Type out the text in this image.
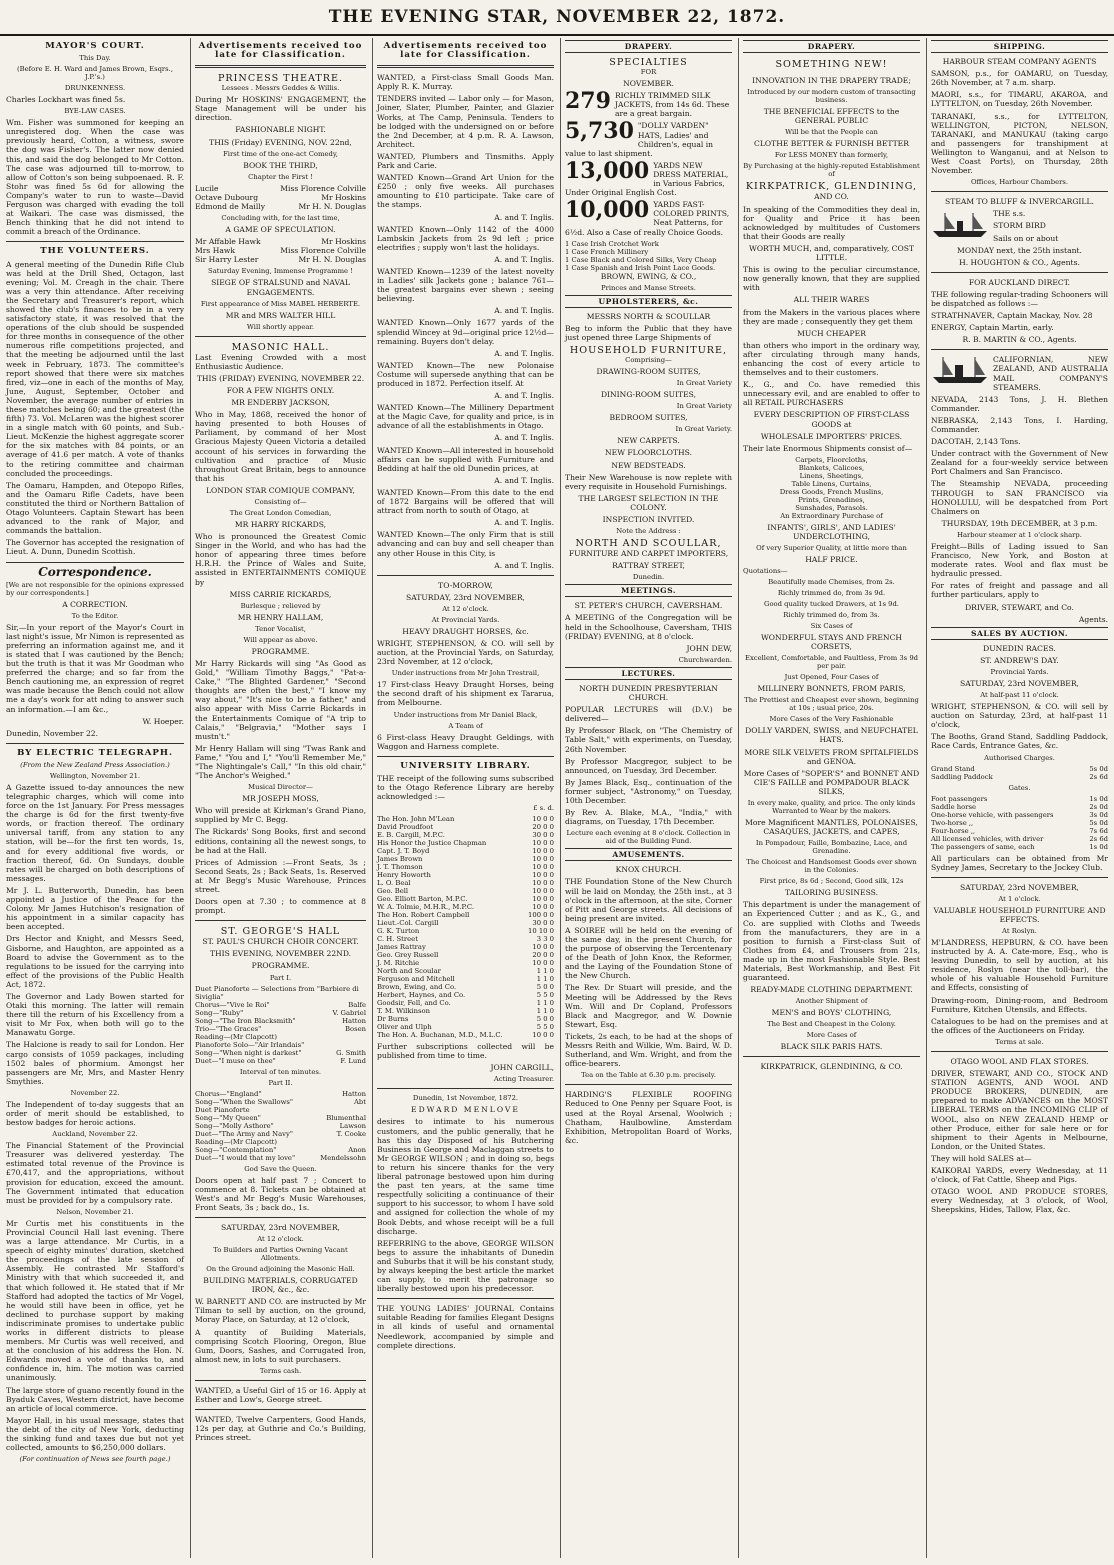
THE EVENING STAR, NOVEMBER 22, 1872.
MAYOR'S COURT.

This Day.

(Before E. H. Ward and James Brown, Esqrs., J.P.'s.)

DRUNKENNESS.

Charles Lockhart was fined 5s.

BYE-LAW CASES.

Wm. Fisher was summoned for keeping an unregistered dog. When the case was previously heard, Cotton, a witness, swore the dog was Fisher's. The latter now denied this, and said the dog belonged to Mr Cotton. The case was adjourned till to-morrow, to allow of Cotton's son being subpoenaed. R. F. Stohr was fined 5s 6d for allowing the Company's water to run to waste—David Ferguson was charged with evading the toll at Waikari. The case was dismissed, the Bench thinking that he did not intend to commit a breach of the Ordinance.

THE VOLUNTEERS.

A general meeting of the Dunedin Rifle Club was held at the Drill Shed, Octagon, last evening; Vol. M. Creagh in the chair. There was a very thin attendance. After receiving the Secretary and Treasurer's report, which showed the club's finances to be in a very satisfactory state, it was resolved that the operations of the club should be suspended for three months in consequence of the other numerous rifle competitions projected, and that the meeting be adjourned until the last week in February, 1873. The committee's report showed that there were six matches fired, viz—one in each of the months of May, June, August, September, October and November, the average number of entries in these matches being 60; and the greatest (the fifth) 73. Vol. McLaren was the highest scorer in a single match with 60 points, and Sub.-Lieut. McKenzie the highest aggregate scorer for the six matches with 84 points, or an average of 41.6 per match. A vote of thanks to the retiring committee and chairman concluded the proceedings.

The Oamaru, Hampden, and Otepopo Rifles, and the Oamaru Rifle Cadets, have been constituted the third or Northern Battalion of Otago Volunteers. Captain Stewart has been advanced to the rank of Major, and commands the battalion.

The Governor has accepted the resignation of Lieut. A. Dunn, Dunedin Scottish.

Correspondence.

[We are not responsible for the opinions expressed by our correspondents.]

A CORRECTION.

To the Editor.

Sir,—In your report of the Mayor's Court in last night's issue, Mr Nimon is represented as preferring an information against me, and it is stated that I was cautioned by the Bench; but the truth is that it was Mr Goodman who preferred the charge; and so far from the Bench cautioning me, an expression of regret was made because the Bench could not allow me a day's work for att nding to answer such an information.—I am &c.,

W. Hoeper.

Dunedin, November 22.

BY ELECTRIC TELEGRAPH.

(From the New Zealand Press Association.)

Wellington, November 21.

A Gazette issued to-day announces the new telegraphic charges, which will come into force on the 1st January. For Press messages the charge is 6d for the first twenty-five words, or fraction thereof. The ordinary universal tariff, from any station to any station, will be—for the first ten words, 1s, and for every additional five words, or fraction thereof, 6d. On Sundays, double rates will be charged on both descriptions of messages.

Mr J. L. Butterworth, Dunedin, has been appointed a Justice of the Peace for the Colony. Mr James Hutchison's resignation of his appointment in a similar capacity has been accepted.

Drs Hector and Knight, and Messrs Seed, Gisborne, and Haughton, are appointed as a Board to advise the Government as to the regulations to be issued for the carrying into effect of the provisions of the Public Health Act, 1872.

The Governor and Lady Bowen started for Otaki this morning. The latter will remain there till the return of his Excellency from a visit to Mr Fox, when both will go to the Manawatu Gorge.

The Halcione is ready to sail for London. Her cargo consists of 1059 packages, including 1502 bales of phormium. Amongst her passengers are Mr, Mrs, and Master Henry Smythies.

November 22.

The Independent of to-day suggests that an order of merit should be established, to bestow badges for heroic actions.

Auckland, November 22.

The Financial Statement of the Provincial Treasurer was delivered yesterday. The estimated total revenue of the Province is £70,417, and the appropriations, without provision for education, exceed the amount. The Government intimated that education must be provided for by a compulsory rate.

Nelson, November 21.

Mr Curtis met his constituents in the Provincial Council Hall last evening. There was a large attendance. Mr Curtis, in a speech of eighty minutes' duration, sketched the proceedings of the late session of Assembly. He contrasted Mr Stafford's Ministry with that which succeeded it, and that which followed it. He stated that if Mr Stafford had adopted the tactics of Mr Vogel, he would still have been in office, yet he declined to purchase support by making indiscriminate promises to undertake public works in different districts to please members. Mr Curtis was well received, and at the conclusion of his address the Hon. N. Edwards moved a vote of thanks to, and confidence in, him. The motion was carried unanimously.

The large store of guano recently found in the Byaduk Caves, Western district, have become an article of local commerce.

Mayor Hall, in his usual message, states that the debt of the city of New York, deducting the sinking fund and taxes due but not yet collected, amounts to $6,250,000 dollars.

(For continuation of News see fourth page.)

Advertisements received too late for Classification.
PRINCESS THEATRE.

Lessees . Messrs Geddes & Willis.

During Mr HOSKINS' ENGAGEMENT, the Stage Management will be under his direction.

FASHIONABLE NIGHT.

THIS (Friday) EVENING, NOV. 22nd,

First time of the one-act Comedy,

BOOK THE THIRD,

Chapter the First !

Lucile	Miss Florence Colville
Octave Dubourg	Mr Hoskins
Edmond de Mailly	Mr H. N. Douglas

Concluding with, for the last time,

A GAME OF SPECULATION.

Mr Affable Hawk	Mr Hoskins
Mrs Hawk	Miss Florence Colville
Sir Harry Lester	Mr H. N. Douglas

Saturday Evening, Immense Programme !

SIEGE OF STRALSUND and NAVAL ENGAGEMENTS.

First appearance of Miss MABEL HERBERTE.

MR and MRS WALTER HILL

Will shortly appear.

MASONIC HALL.

Last Evening Crowded with a most Enthusiastic Audience.

THIS (FRIDAY) EVENING, NOVEMBER 22.

FOR A FEW NIGHTS ONLY.

MR ENDERBY JACKSON,

Who in May, 1868, received the honor of having presented to both Houses of Parliament, by command of her Most Gracious Majesty Queen Victoria a detailed account of his services in forwarding the cultivation and practice of Music throughout Great Britain, begs to announce that his

LONDON STAR COMIQUE COMPANY,

Consisting of—

The Great London Comedian,

MR HARRY RICKARDS,

Who is pronounced the Greatest Comic Singer in the World, and who has had the honor of appearing three times before H.R.H. the Prince of Wales and Suite, assisted in ENTERTAINMENTS COMIQUE by

MISS CARRIE RICKARDS,

Burlesque ; relieved by

MR HENRY HALLAM,

Tenor Vocalist,

Will appear as above.

PROGRAMME.

Mr Harry Rickards will sing "As Good as Gold," "William Timothy Baggs," "Pat-a-Cake," "The Blighted Gardener," "Second thoughts are often the best," "I know my way about," "It's nice to be a father," and also appear with Miss Carrie Rickards in the Entertainments Comique of "A trip to Calais," "Belgravia," "Mother says I mustn't."

Mr Henry Hallam will sing "Twas Rank and Fame," "You and I," "You'll Remember Me," "The Nightingale's Call," "In this old chair," "The Anchor's Weighed."

Musical Director—

MR JOSEPH MOSS,

Who will preside at Kirkman's Grand Piano, supplied by Mr C. Begg.

The Rickards' Song Books, first and second editions, containing all the newest songs, to be had at the Hall.

Prices of Admission :—Front Seats, 3s ; Second Seats, 2s ; Back Seats, 1s. Reserved at Mr Begg's Music Warehouse, Princes street.

Doors open at 7.30 ; to commence at 8 prompt.

ST. GEORGE'S HALL

ST. PAUL'S CHURCH CHOIR CONCERT.

THIS EVENING, NOVEMBER 22ND.

PROGRAMME.

Part I.

Duet Pianoforte — Selections from "Barbiere di Siviglia"
Chorus—"Vive le Roi"	Balfe
Song—"Ruby"	V. Gabriel
Song—"The Iron Blacksmith"	Hatton
Trio—"The Graces"	Bosen
Reading—(Mr Clapcott)
Pianoforte Solo—"Air Irlandais"
Song—"When night is darkest"	G. Smith
Duet—"I muse on thee"	F. Lund

Interval of ten minutes.

Part II.

Chorus—"England"	Hatton
Song—"When the Swallows"	Abt
Duet Pianoforte
Song—"My Queen"	Blumenthal
Song—"Molly Asthore"	Lawson
Duet—"The Army and Navy"	T. Cooke
Reading—(Mr Clapcott)
Song—"Contemplation"	Anon
Duet—"I would that my love"	Mendelssohn

God Save the Queen.

Doors open at half past 7 ; Concert to commence at 8. Tickets can be obtained at West's and Mr Begg's Music Warehouses, Front Seats, 3s ; back do., 1s.

SATURDAY, 23rd NOVEMBER,

At 12 o'clock.

To Builders and Parties Owning Vacant Allotments.

On the Ground adjoining the Masonic Hall.

BUILDING MATERIALS, CORRUGATED IRON, &c., &c.

W. BARNETT AND CO. are instructed by Mr Tilman to sell by auction, on the ground, Moray Place, on Saturday, at 12 o'clock,

A quantity of Building Materials, comprising Scotch Flooring, Oregon, Blue Gum, Doors, Sashes, and Corrugated Iron, almost new, in lots to suit purchasers.

Terms cash.

WANTED, a Useful Girl of 15 or 16. Apply at Esther and Low's, George street.

WANTED, Twelve Carpenters, Good Hands, 12s per day, at Guthrie and Co.'s Building, Princes street.

Advertisements received too late for Classification.

WANTED, a First-class Small Goods Man. Apply R. K. Murray.

TENDERS invited — Labor only — for Mason, Joiner, Slater, Plumber, Painter, and Glazier Works, at The Camp, Peninsula. Tenders to be lodged with the undersigned on or before the 2nd December, at 4 p.m. R. A. Lawson, Architect.

WANTED, Plumbers and Tinsmiths. Apply Park and Carie.

WANTED Known—Grand Art Union for the £250 ; only five weeks. All purchases amounting to £10 participate. Take care of the stamps.

A. and T. Inglis.

WANTED Known—Only 1142 of the 4000 Lambskin Jackets from 2s 9d left ; price electrifies ; supply won't last the holidays.

A. and T. Inglis.

WANTED Known—1239 of the latest novelty in Ladies' silk Jackets gone ; balance 761—the greatest bargains ever shewn ; seeing believing.

A. and T. Inglis.

WANTED Known—Only 1677 yards of the splendid Wincey at 9d—original price 12½d—remaining. Buyers don't delay.

A. and T. Inglis.

WANTED Known—The new Polonaise Costume will supersede anything that can be produced in 1872. Perfection itself. At

A. and T. Inglis.

WANTED Known—The Millinery Department at the Magic Cave, for quality and price, is in advance of all the establishments in Otago.

A. and T. Inglis.

WANTED Known—All interested in household affairs can be supplied with Furniture and Bedding at half the old Dunedin prices, at

A. and T. Inglis.

WANTED Known—From this date to the end of 1872 Bargains will be offered that will attract from north to south of Otago, at

A. and T. Inglis.

WANTED Known—The only Firm that is still advancing and can buy and sell cheaper than any other House in this City, is

A. and T. Inglis.

TO-MORROW,

SATURDAY, 23rd NOVEMBER,

At 12 o'clock.

At Provincial Yards.

HEAVY DRAUGHT HORSES, &c.

WRIGHT, STEPHENSON, & CO. will sell by auction, at the Provincial Yards, on Saturday, 23rd November, at 12 o'clock,

Under instructions from Mr John Trestrail,

17 First-class Heavy Draught Horses, being the second draft of his shipment ex Tararua, from Melbourne.

Under instructions from Mr Daniel Black,

A Team of

6 First-class Heavy Draught Geldings, with Waggon and Harness complete.

UNIVERSITY LIBRARY.

THE receipt of the following sums subscribed to the Otago Reference Library are hereby acknowledged :—

£ s. d.

The Hon. John M'Lean	10 0 0
David Proudfoot	20 0 0
E. B. Cargill, M.P.C.	30 0 0
His Honor the Justice Chapman	10 0 0
Capt. J. T. Boyd	10 0 0
James Brown	10 0 0
J. T. Thomson	10 0 0
Henry Howorth	10 0 0
L. O. Beal	10 0 0
Geo. Bell	10 0 0
Geo. Elliott Barton, M.P.C.	10 0 0
W. A. Tolmie, M.H.R., M.P.C.	10 0 0
The Hon. Robert Campbell	100 0 0
Lieut.-Col. Cargill	30 0 0
G. K. Turton	10 10 0
C. H. Street	3 3 0
James Rattray	10 0 0
Geo. Grey Russell	20 0 0
J. M. Ritchie	10 0 0
North and Scoular	1 1 0
Ferguson and Mitchell	1 1 0
Brown, Ewing, and Co.	5 0 0
Herbert, Haynes, and Co.	5 5 0
Goodsir, Fell, and Co.	1 1 0
T. M. Wilkinson	1 1 0
Dr Burns	5 0 0
Oliver and Ulph	5 5 0
The Hon. A. Buchanan, M.D., M.L.C.	10 0 0

Further subscriptions collected will be published from time to time.

JOHN CARGILL,

Acting Treasurer.

Dunedin, 1st November, 1872.

EDWARD MENLOVE

desires to intimate to his numerous customers, and the public generally, that he has this day Disposed of his Butchering Business in George and Maclaggan streets to Mr GEORGE WILSON ; and in doing so, begs to return his sincere thanks for the very liberal patronage bestowed upon him during the past ten years, at the same time respectfully soliciting a continuance of their support to his successor, to whom I have sold and assigned for collection the whole of my Book Debts, and whose receipt will be a full discharge.

REFERRING to the above, GEORGE WILSON begs to assure the inhabitants of Dunedin and Suburbs that it will be his constant study, by always keeping the best article the market can supply, to merit the patronage so liberally bestowed upon his predecessor.

THE YOUNG LADIES' JOURNAL Contains suitable Reading for families Elegant Designs in all kinds of useful and ornamental Needlework, accompanied by simple and complete directions.

DRAPERY.
SPECIALTIES

FOR

NOVEMBER.

279 RICHLY TRIMMED SILK JACKETS, from 14s 6d. These are a great bargain.
5,730 "DOLLY VARDEN" HATS, Ladies' and Children's, equal in value to last shipment.
13,000 YARDS NEW DRESS MATERIAL, in Various Fabrics, Under Original English Cost.
10,000 YARDS FAST-COLORED PRINTS, Neat Patterns, for 6½d. Also a Case of really Choice Goods.
1 Case Irish Crotchet Work
1 Case French Millinery
1 Case Black and Colored Silks, Very Cheap
1 Case Spanish and Irish Point Lace Goods.

BROWN, EWING, & CO.,

Princes and Manse Streets.

UPHOLSTERERS, &c.

MESSRS NORTH & SCOULLAR

Beg to inform the Public that they have just opened three Large Shipments of

HOUSEHOLD FURNITURE,

Comprising—

DRAWING-ROOM SUITES,

In Great Variety

DINING-ROOM SUITES,

In Great Variety

BEDROOM SUITES,

In Great Variety.

NEW CARPETS.

NEW FLOORCLOTHS.

NEW BEDSTEADS.

Their New Warehouse is now replete with every requisite in Household Furnishings.

THE LARGEST SELECTION IN THE COLONY.

INSPECTION INVITED.

Note the Address :

NORTH AND SCOULLAR,

FURNITURE AND CARPET IMPORTERS,

RATTRAY STREET,

Dunedin.

MEETINGS.

ST. PETER'S CHURCH, CAVERSHAM.

A MEETING of the Congregation will be held in the Schoolhouse, Caversham, THIS (FRIDAY) EVENING, at 8 o'clock.

JOHN DEW,

Churchwarden.

LECTURES.

NORTH DUNEDIN PRESBYTERIAN CHURCH.

POPULAR LECTURES will (D.V.) be delivered—

By Professor Black, on "The Chemistry of Table Salt," with experiments, on Tuesday, 26th November.

By Professor Macgregor, subject to be announced, on Tuesday, 3rd December.

By James Black, Esq., continuation of the former subject, "Astronomy," on Tuesday, 10th December.

By Rev. A. Blake, M.A., "India," with diagrams, on Tuesday, 17th December.

Lecture each evening at 8 o'clock. Collection in aid of the Building Fund.

AMUSEMENTS.

KNOX CHURCH.

THE Foundation Stone of the New Church will be laid on Monday, the 25th inst., at 3 o'clock in the afternoon, at the site, Corner of Pitt and George streets. All decisions of being present are invited.

A SOIREE will be held on the evening of the same day, in the present Church, for the purpose of observing the Tercentenary of the Death of John Knox, the Reformer, and the Laying of the Foundation Stone of the New Church.

The Rev. Dr Stuart will preside, and the Meeting will be Addressed by the Revs Wm. Will and Dr Copland, Professors Black and Macgregor, and W. Downie Stewart, Esq.

Tickets, 2s each, to be had at the shops of Messrs Reith and Wilkie, Wm. Baird, W. D. Sutherland, and Wm. Wright, and from the office-bearers.

Tea on the Table at 6.30 p.m. precisely.

HARDING'S FLEXIBLE ROOFING Reduced to One Penny per Square Foot, is used at the Royal Arsenal, Woolwich ; Chatham, Haulbowline, Amsterdam Exhibition, Metropolitan Board of Works, &c.

DRAPERY.
SOMETHING NEW!

INNOVATION IN THE DRAPERY TRADE;

Introduced by our modern custom of transacting business.

THE BENEFICIAL EFFECTS to the GENERAL PUBLIC

Will be that the People can

CLOTHE BETTER & FURNISH BETTER

For LESS MONEY than formerly,

By Purchasing at the highly-reputed Establishment of

KIRKPATRICK, GLENDINING,

AND CO.

In speaking of the Commodities they deal in, for Quality and Price it has been acknowledged by multitudes of Customers that their Goods are really

WORTH MUCH, and, comparatively, COST LITTLE.

This is owing to the peculiar circumstance, now generally known, that they are supplied with

ALL THEIR WARES

from the Makers in the various places where they are made ; consequently they get them

MUCH CHEAPER

than others who import in the ordinary way, after circulating through many hands, enhancing the cost of every article to themselves and to their customers.

K., G., and Co. have remedied this unnecessary evil, and are enabled to offer to all RETAIL PURCHASERS

EVERY DESCRIPTION OF FIRST-CLASS GOODS at

WHOLESALE IMPORTERS' PRICES.

Their late Enormous Shipments consist of—

Carpets, Floorcloths,
Blankets, Calicoes,
Linens, Sheetings,
Table Linens, Curtains,
Dress Goods, French Muslins,
Prints, Grenadines,
Sunshades, Parasols.

An Extraordinary Purchase of

INFANTS', GIRLS', AND LADIES' UNDERCLOTHING,

Of very Superior Quality, at little more than

HALF PRICE.

Quotations—

Beautifully made Chemises, from 2s.

Richly trimmed do, from 3s 9d.

Good quality tucked Drawers, at 1s 9d.

Richly trimmed do, from 3s.

Six Cases of

WONDERFUL STAYS AND FRENCH CORSETS,

Excellent, Comfortable, and Faultless, From 3s 9d per pair.

Just Opened, Four Cases of

MILLINERY BONNETS, FROM PARIS,

The Prettiest and Cheapest ever shown, beginning at 10s ; usual price, 20s.

More Cases of the Very Fashionable

DOLLY VARDEN, SWISS, and NEUFCHATEL HATS.

MORE SILK VELVETS FROM SPITALFIELDS and GENOA.

More Cases of "SOPER'S" and BONNET AND CIE'S FAILLE and POMPADOUR BLACK SILKS,

In every make, quality, and price. The only kinds Warranted to Wear by the makers.

More Magnificent MANTLES, POLONAISES, CASAQUES, JACKETS, and CAPES,

In Pompadour, Faille, Bombazine, Lace, and Grenadine.

The Choicest and Handsomest Goods ever shown in the Colonies.

First price, 8s 6d ; Second, Good silk, 12s

TAILORING BUSINESS.

This department is under the management of an Experienced Cutter ; and as K., G., and Co. are supplied with Cloths and Tweeds from the manufacturers, they are in a position to furnish a First-class Suit of Clothes from £4, and Trousers from 21s, made up in the most Fashionable Style. Best Materials, Best Workmanship, and Best Fit guaranteed.

READY-MADE CLOTHING DEPARTMENT.

Another Shipment of

MEN'S and BOYS' CLOTHING,

The Best and Cheapest in the Colony.

More Cases of

BLACK SILK PARIS HATS.

KIRKPATRICK, GLENDINING, & CO.

SHIPPING.

HARBOUR STEAM COMPANY AGENTS

SAMSON, p.s., for OAMARU, on Tuesday, 26th November, at 7 a.m. sharp.

MAORI, s.s., for TIMARU, AKAROA, and LYTTELTON, on Tuesday, 26th November.

TARANAKI, s.s., for LYTTELTON, WELLINGTON, PICTON, NELSON, TARANAKI, and MANUKAU (taking cargo and passengers for transhipment at Wellington to Wanganui, and at Nelson to West Coast Ports), on Thursday, 28th November.

Offices, Harbour Chambers.

STEAM TO BLUFF & INVERCARGILL.

THE s.s.

STORM BIRD

Sails on or about

MONDAY next, the 25th instant.

H. HOUGHTON & CO., Agents.

FOR AUCKLAND DIRECT.

THE following regular-trading Schooners will be dispatched as follows :—

STRATHNAVER, Captain Mackay, Nov. 28

ENERGY, Captain Martin, early.

R. B. MARTIN & CO., Agents.

CALIFORNIAN, NEW ZEALAND, AND AUSTRALIA MAIL COMPANY'S STEAMERS.

NEVADA, 2143 Tons, J. H. Blethen Commander.

NEBRASKA, 2,143 Tons, I. Harding, Commander.

DACOTAH, 2,143 Tons.

Under contract with the Government of New Zealand for a four-weekly service between Port Chalmers and San Francisco.

The Steamship NEVADA, proceeding THROUGH to SAN FRANCISCO via HONOLULU, will be despatched from Port Chalmers on

THURSDAY, 19th DECEMBER, at 3 p.m.

Harbour steamer at 1 o'clock sharp.

Freight—Bills of Lading issued to San Francisco, New York, and Boston at moderate rates. Wool and flax must be hydraulic pressed.

For rates of freight and passage and all further particulars, apply to

DRIVER, STEWART, and Co.

Agents.

SALES BY AUCTION.

DUNEDIN RACES.

ST. ANDREW'S DAY.

Provincial Yards.

SATURDAY, 23rd NOVEMBER,

At half-past 11 o'clock.

WRIGHT, STEPHENSON, & CO. will sell by auction on Saturday, 23rd, at half-past 11 o'clock,

The Booths, Grand Stand, Saddling Paddock, Race Cards, Entrance Gates, &c.

Authorised Charges.

Grand Stand	5s 0d
Saddling Paddock	2s 6d

Gates.

Foot passengers	1s 0d
Saddle horse	2s 0d
One-horse vehicle, with passengers	3s 0d
Two-horse ,,	5s 0d
Four-horse ,,	7s 6d
All licensed vehicles, with driver	2s 6d
The passengers of same, each	1s 0d

All particulars can be obtained from Mr Sydney James, Secretary to the Jockey Club.

SATURDAY, 23rd NOVEMBER,

At 1 o'clock.

VALUABLE HOUSEHOLD FURNITURE AND EFFECTS.

At Roslyn.

M'LANDRESS, HEPBURN, & CO. have been instructed by A. A. Cate-more, Esq., who is leaving Dunedin, to sell by auction, at his residence, Roslyn (near the toll-bar), the whole of his valuable Household Furniture and Effects, consisting of

Drawing-room, Dining-room, and Bedroom Furniture, Kitchen Utensils, and Effects.

Catalogues to be had on the premises and at the offices of the Auctioneers on Friday.

Terms at sale.

OTAGO WOOL AND FLAX STORES.

DRIVER, STEWART, AND CO., STOCK AND STATION AGENTS, AND WOOL AND PRODUCE BROKERS, DUNEDIN, are prepared to make ADVANCES on the MOST LIBERAL TERMS on the INCOMING CLIP of WOOL, also on NEW ZEALAND HEMP or other Produce, either for sale here or for shipment to their Agents in Melbourne, London, or the United States.

They will hold SALES at—

KAIKORAI YARDS, every Wednesday, at 11 o'clock, of Fat Cattle, Sheep and Pigs.

OTAGO WOOL AND PRODUCE STORES, every Wednesday, at 3 o'clock, of Wool, Sheepskins, Hides, Tallow, Flax, &c.
